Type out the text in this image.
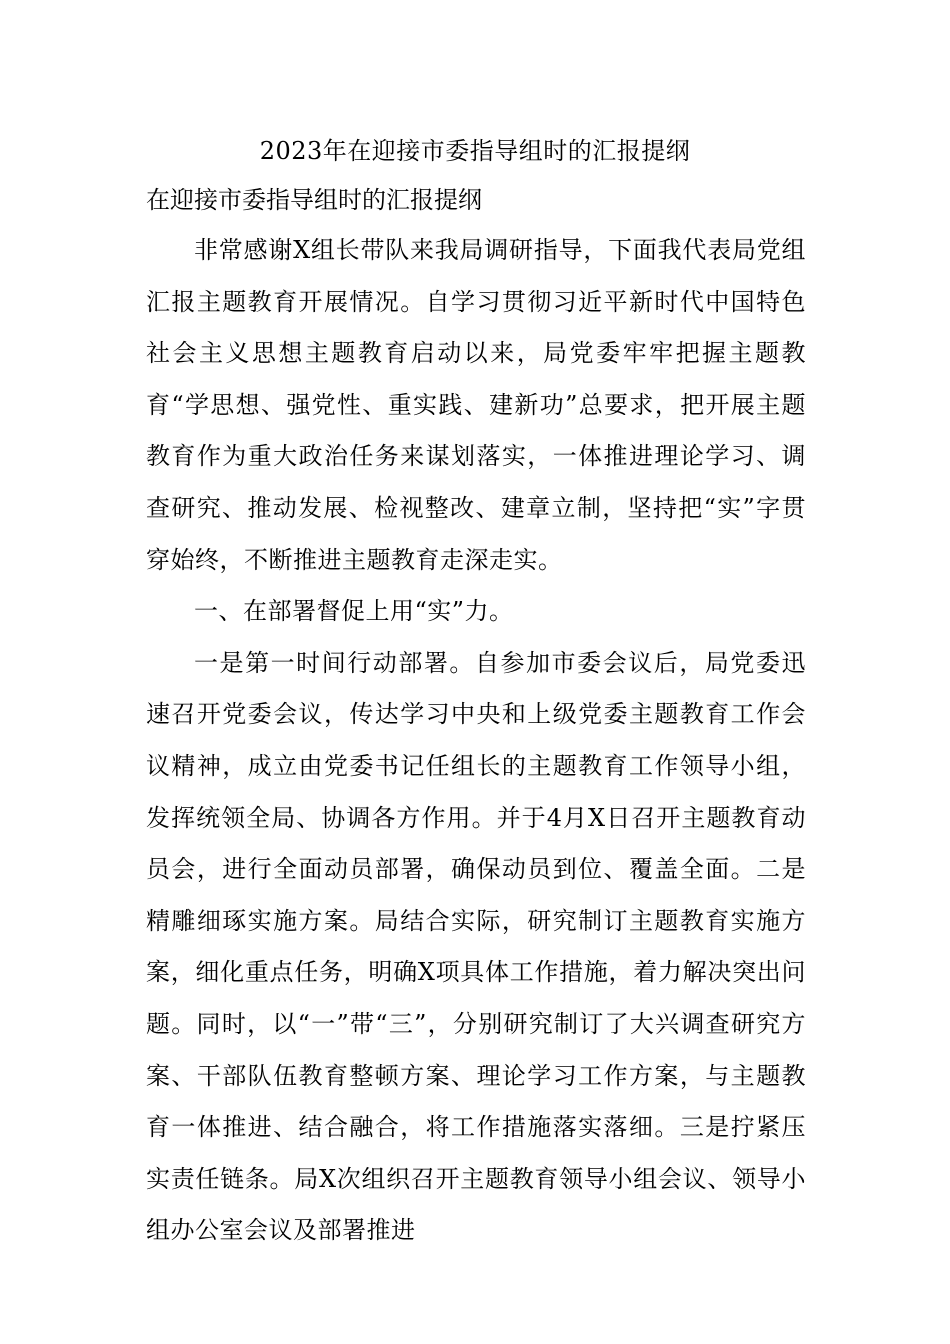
2023年在迎接市委指导组时的汇报提纲
在迎接市委指导组时的汇报提纲

非常感谢X组长带队来我局调研指导，下面我代表局党组汇报主题教育开展情况。自学习贯彻习近平新时代中国特色社会主义思想主题教育启动以来，局党委牢牢把握主题教育“学思想、强党性、重实践、建新功”总要求，把开展主题教育作为重大政治任务来谋划落实，一体推进理论学习、调查研究、推动发展、检视整改、建章立制，坚持把“实”字贯穿始终，不断推进主题教育走深走实。

一、在部署督促上用“实”力。

一是第一时间行动部署。自参加市委会议后，局党委迅速召开党委会议，传达学习中央和上级党委主题教育工作会议精神，成立由党委书记任组长的主题教育工作领导小组，发挥统领全局、协调各方作用。并于4月X日召开主题教育动员会，进行全面动员部署，确保动员到位、覆盖全面。二是精雕细琢实施方案。局结合实际，研究制订主题教育实施方案，细化重点任务，明确X项具体工作措施，着力解决突出问题。同时，以“一”带“三”，分别研究制订了大兴调查研究方案、干部队伍教育整顿方案、理论学习工作方案，与主题教育一体推进、结合融合，将工作措施落实落细。三是拧紧压实责任链条。局X次组织召开主题教育领导小组会议、领导小组办公室会议及部署推进
